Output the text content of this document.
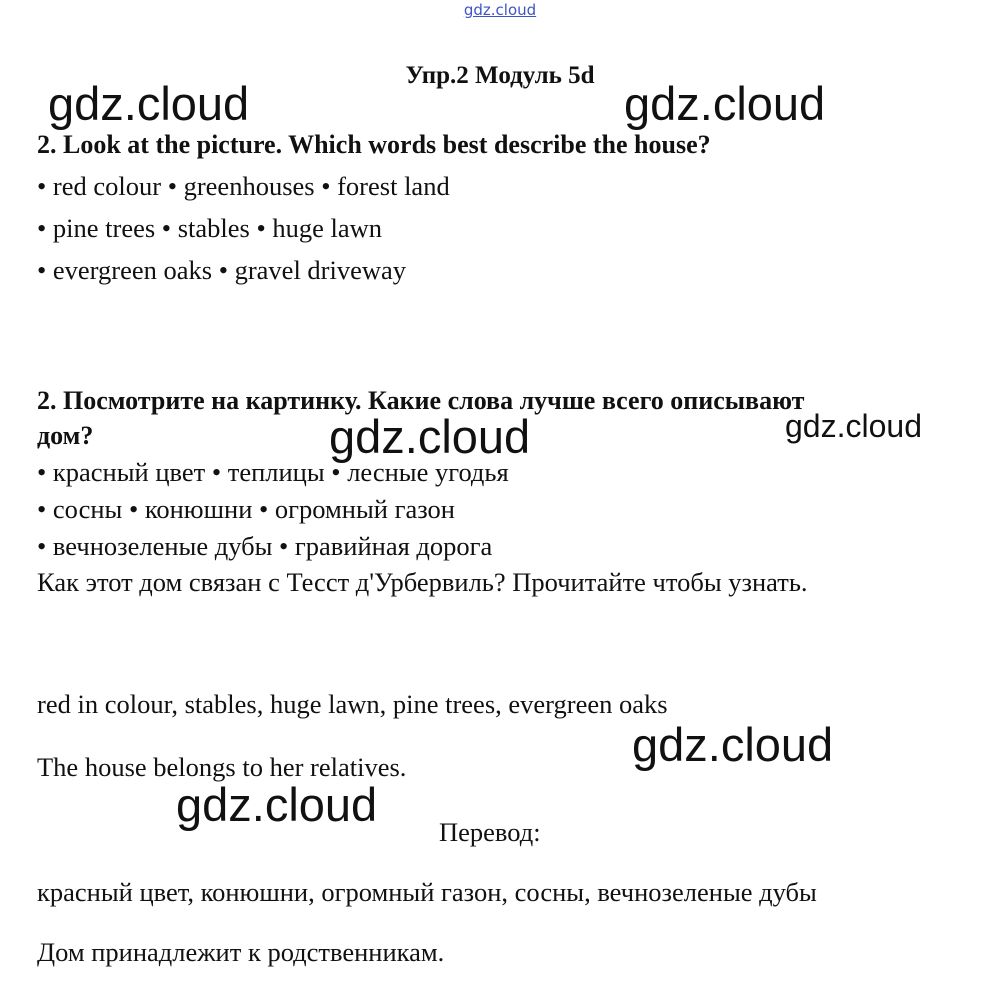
gdz.cloud
Упр.2 Модуль 5d
2. Look at the picture. Which words best describe the house?
• red colour • greenhouses • forest land
• pine trees • stables • huge lawn
• evergreen oaks • gravel driveway
2. Посмотрите на картинку. Какие слова лучше всего описывают
дом?
• красный цвет • теплицы • лесные угодья
• сосны • конюшни • огромный газон
• вечнозеленые дубы • гравийная дорога
Как этот дом связан с Тесст д'Урбервиль? Прочитайте чтобы узнать.
red in colour, stables, huge lawn, pine trees, evergreen oaks
The house belongs to her relatives.
Перевод:
красный цвет, конюшни, огромный газон, сосны, вечнозеленые дубы
Дом принадлежит к родственникам.
gdz.cloud	gdz.cloud
gdz.cloud	gdz.cloud
gdz.cloud
gdz.cloud
